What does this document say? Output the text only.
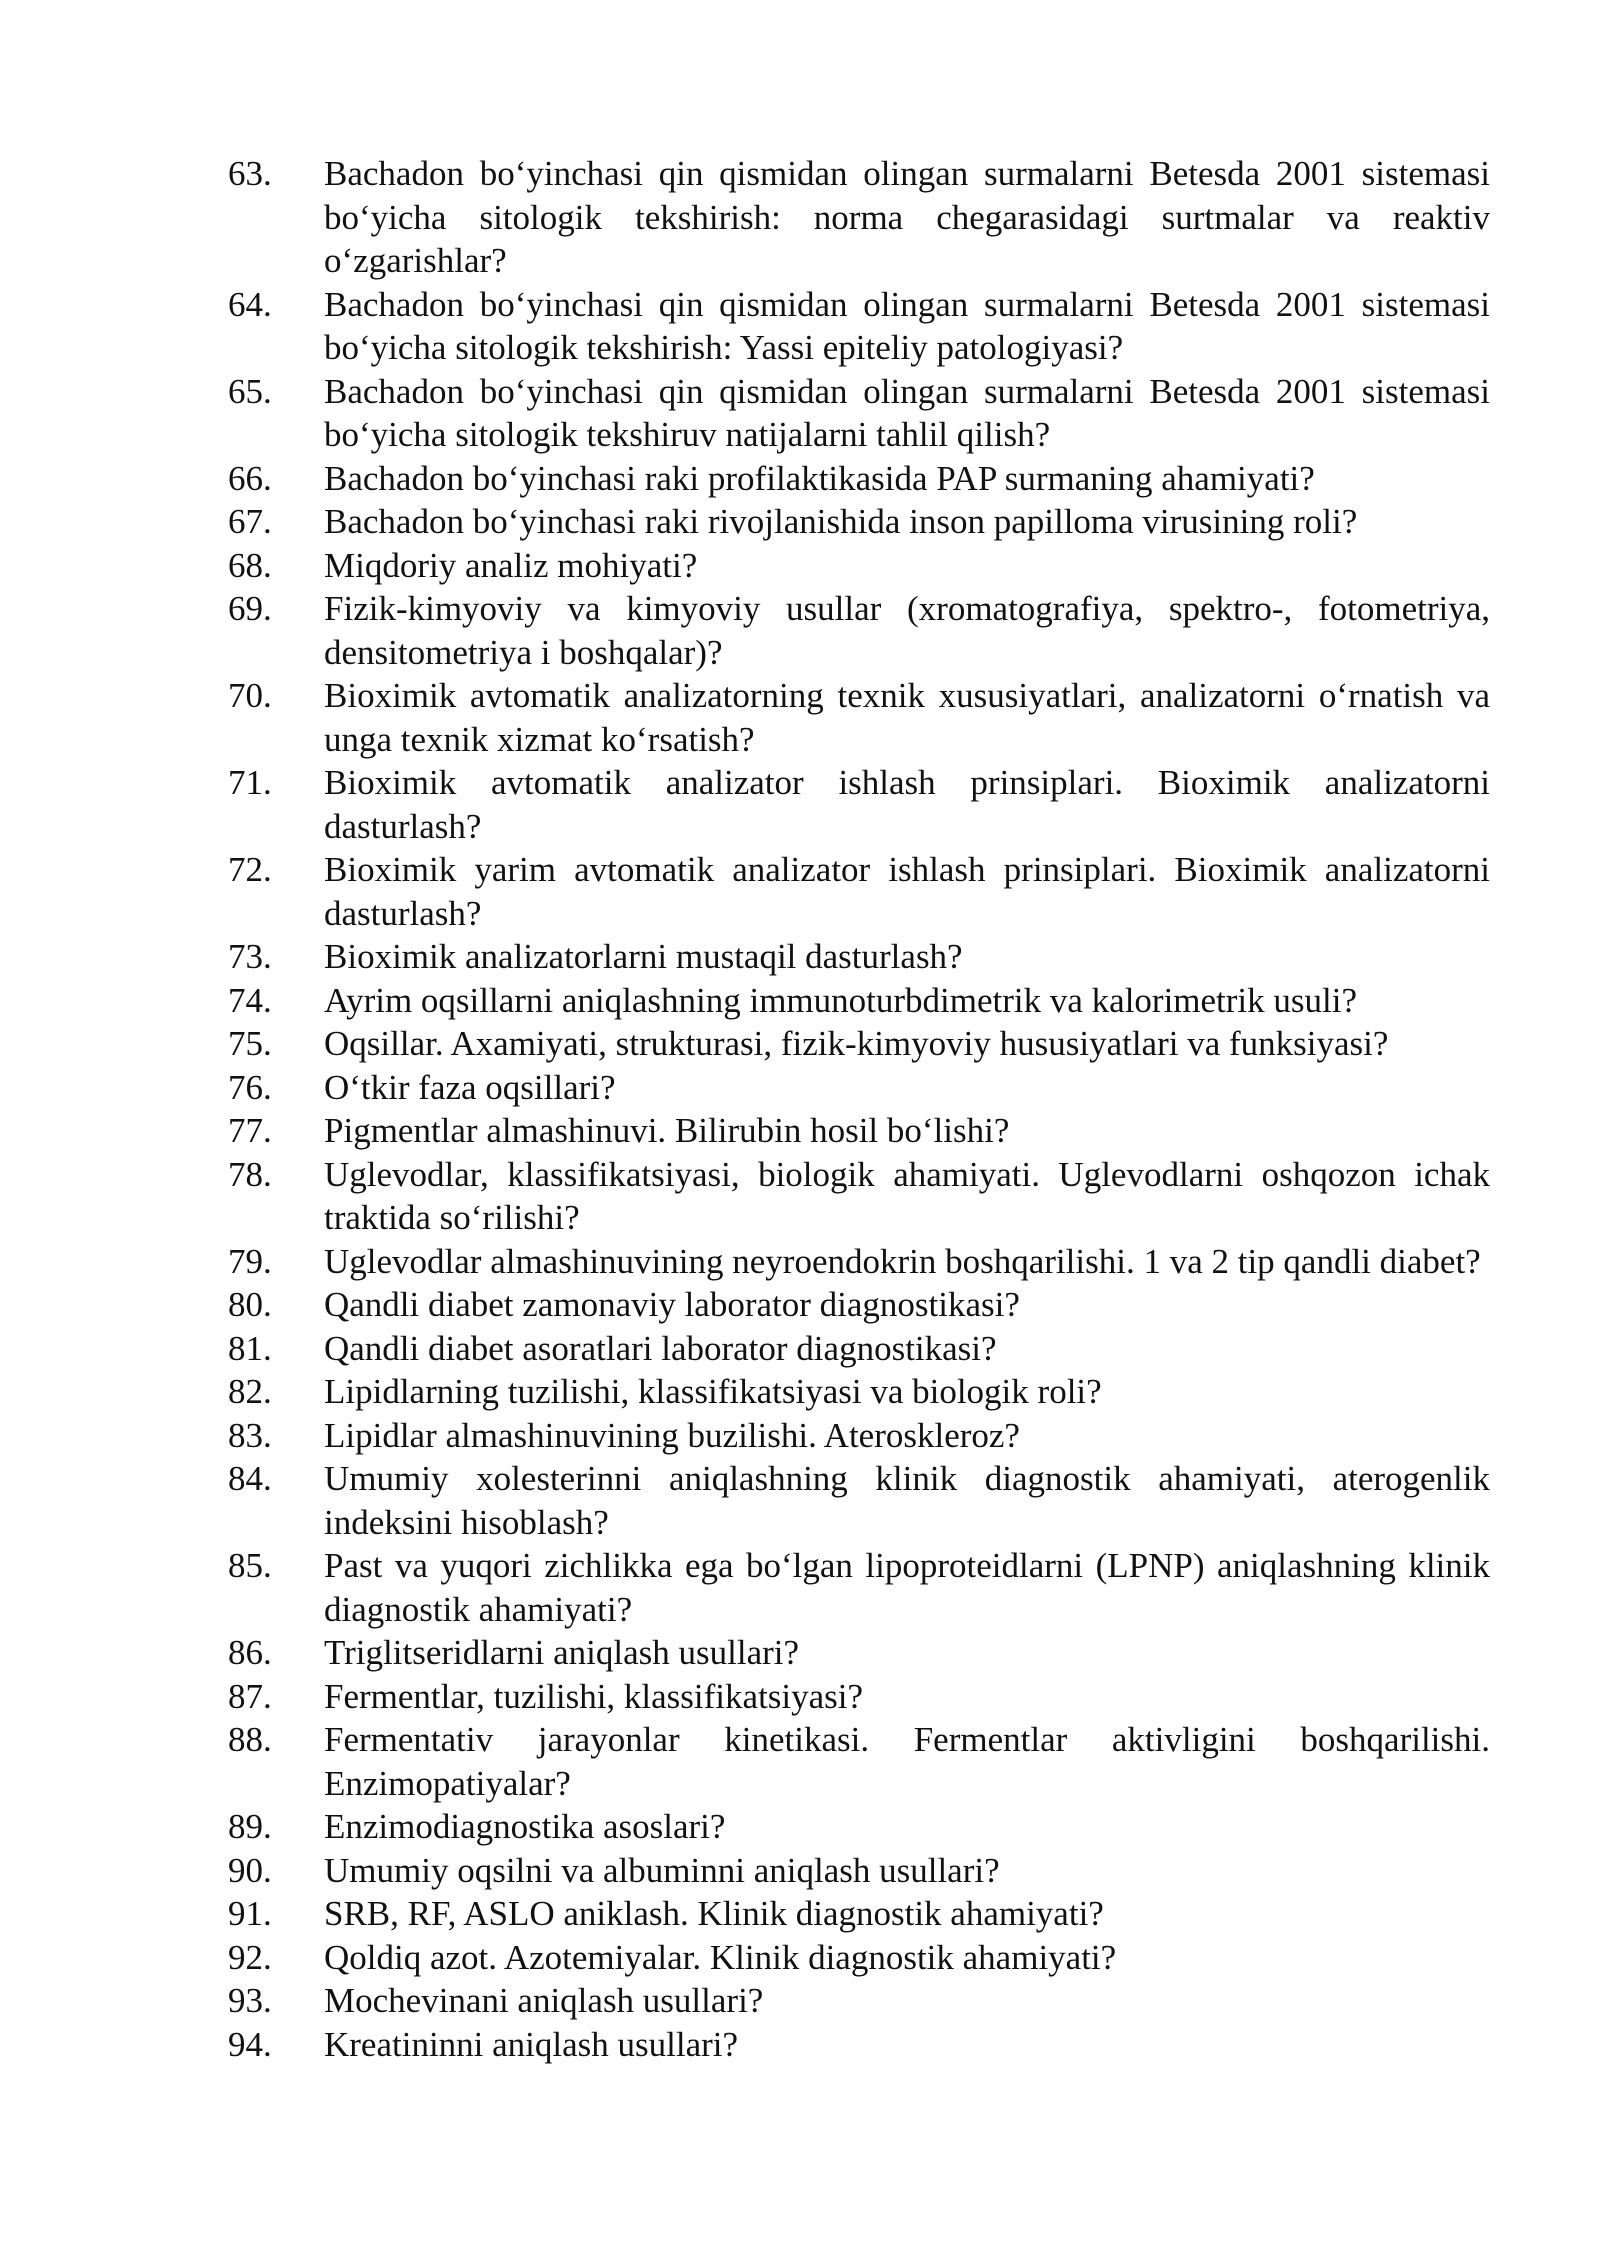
63.	Bachadon bo‘yinchasi qin qismidan olingan surmalarni Betesda 2001 sistemasi bo‘yicha sitologik tekshirish: norma chegarasidagi surtmalar va reaktiv o‘zgarishlar?
64.	Bachadon bo‘yinchasi qin qismidan olingan surmalarni Betesda 2001 sistemasi bo‘yicha sitologik tekshirish: Yassi epiteliy patologiyasi?
65.	Bachadon bo‘yinchasi qin qismidan olingan surmalarni Betesda 2001 sistemasi bo‘yicha sitologik tekshiruv natijalarni tahlil qilish?
66.	Bachadon bo‘yinchasi raki profilaktikasida PAP surmaning ahamiyati?
67.	Bachadon bo‘yinchasi raki rivojlanishida inson papilloma virusining roli?
68.	Miqdoriy analiz mohiyati?
69.	Fizik-kimyoviy va kimyoviy usullar (xromatografiya, spektro-, fotometriya, densitometriya i boshqalar)?
70.	Bioximik avtomatik analizatorning texnik xususiyatlari, analizatorni o‘rnatish va unga texnik xizmat ko‘rsatish?
71.	Bioximik avtomatik analizator ishlash prinsiplari. Bioximik analizatorni dasturlash?
72.	Bioximik yarim avtomatik analizator ishlash prinsiplari. Bioximik analizatorni dasturlash?
73.	Bioximik analizatorlarni mustaqil dasturlash?
74.	Ayrim oqsillarni aniqlashning immunoturbdimetrik va kalorimetrik usuli?
75.	Oqsillar. Axamiyati, strukturasi, fizik-kimyoviy hususiyatlari va funksiyasi?
76.	O‘tkir faza oqsillari?
77.	Pigmentlar almashinuvi. Bilirubin hosil bo‘lishi?
78.	Uglevodlar, klassifikatsiyasi, biologik ahamiyati. Uglevodlarni oshqozon ichak traktida so‘rilishi?
79.	Uglevodlar almashinuvining neyroendokrin boshqarilishi. 1 va 2 tip qandli diabet?
80.	Qandli diabet zamonaviy laborator diagnostikasi?
81.	Qandli diabet asoratlari laborator diagnostikasi?
82.	Lipidlarning tuzilishi, klassifikatsiyasi va biologik roli?
83.	Lipidlar almashinuvining buzilishi. Ateroskleroz?
84.	Umumiy xolesterinni aniqlashning klinik diagnostik ahamiyati, aterogenlik indeksini hisoblash?
85.	Past va yuqori zichlikka ega bo‘lgan lipoproteidlarni (LPNP) aniqlashning klinik diagnostik ahamiyati?
86.	Triglitseridlarni aniqlash usullari?
87.	Fermentlar, tuzilishi, klassifikatsiyasi?
88.	Fermentativ jarayonlar kinetikasi. Fermentlar aktivligini boshqarilishi. Enzimopatiyalar?
89.	Enzimodiagnostika asoslari?
90.	Umumiy oqsilni va albuminni aniqlash usullari?
91.	SRB, RF, ASLO aniklash. Klinik diagnostik ahamiyati?
92.	Qoldiq azot. Azotemiyalar. Klinik diagnostik ahamiyati?
93.	Mochevinani aniqlash usullari?
94.	Kreatininni aniqlash usullari?
